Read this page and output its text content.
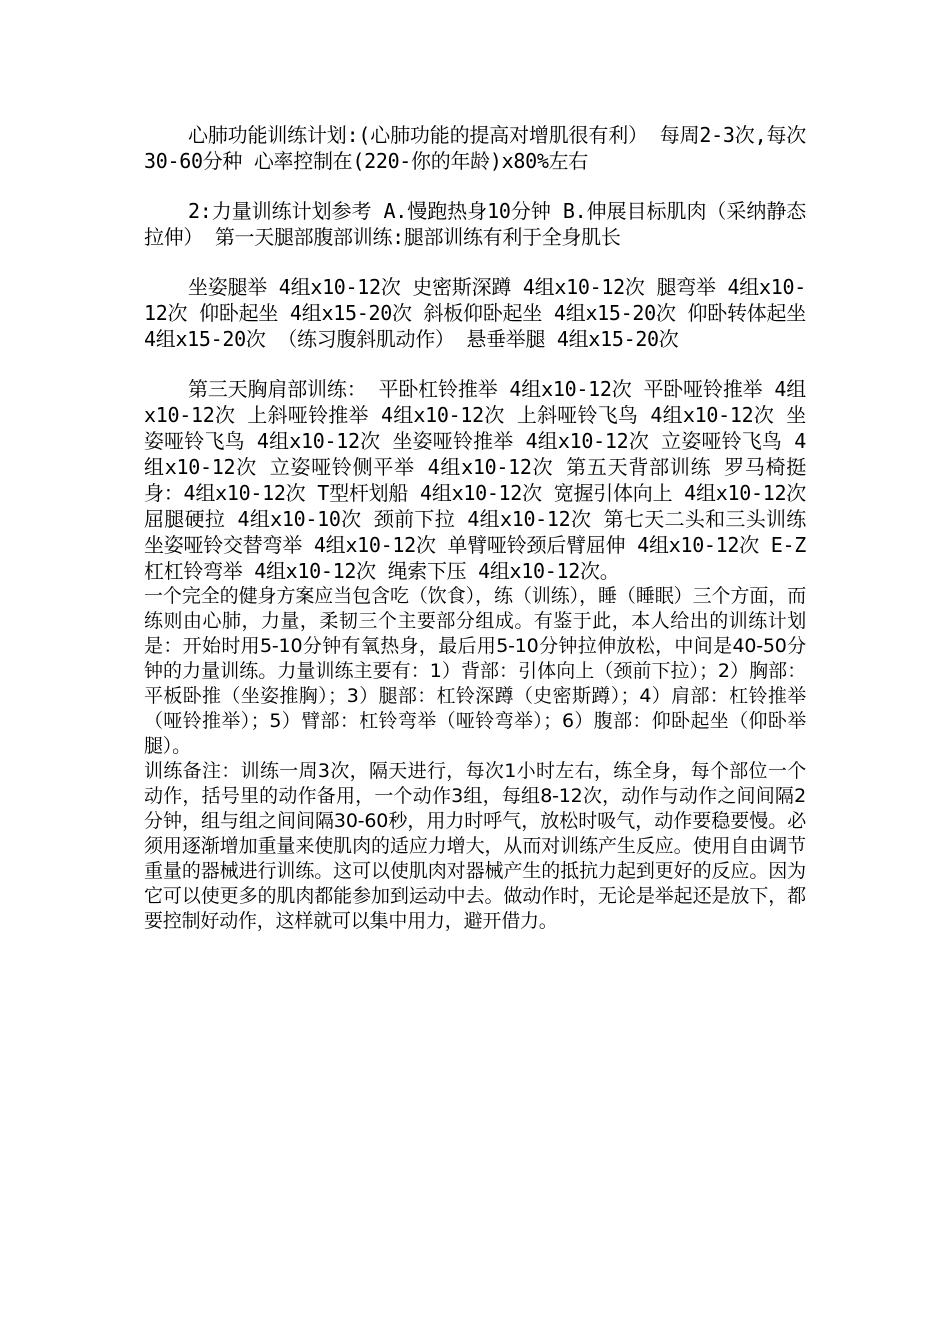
心肺功能训练计划:(心肺功能的提高对增肌很有利） 每周2-3次,每次30-60分种 心率控制在(220-你的年龄)x80%左右

2:力量训练计划参考 A.慢跑热身10分钟 B.伸展目标肌肉（采纳静态拉伸） 第一天腿部腹部训练:腿部训练有利于全身肌长

坐姿腿举 4组x10-12次 史密斯深蹲 4组x10-12次 腿弯举 4组x10-12次 仰卧起坐 4组x15-20次 斜板仰卧起坐 4组x15-20次 仰卧转体起坐 4组x15-20次 （练习腹斜肌动作） 悬垂举腿 4组x15-20次

第三天胸肩部训练： 平卧杠铃推举 4组x10-12次 平卧哑铃推举 4组x10-12次 上斜哑铃推举 4组x10-12次 上斜哑铃飞鸟 4组x10-12次 坐姿哑铃飞鸟 4组x10-12次 坐姿哑铃推举 4组x10-12次 立姿哑铃飞鸟 4组x10-12次 立姿哑铃侧平举 4组x10-12次 第五天背部训练 罗马椅挺身：4组x10-12次 T型杆划船 4组x10-12次 宽握引体向上 4组x10-12次 屈腿硬拉 4组x10-10次 颈前下拉 4组x10-12次 第七天二头和三头训练 坐姿哑铃交替弯举 4组x10-12次 单臂哑铃颈后臂屈伸 4组x10-12次 E-Z杠杠铃弯举 4组x10-12次 绳索下压 4组x10-12次。

一个完全的健身方案应当包含吃（饮食），练（训练），睡（睡眠）三个方面，而练则由心肺，力量，柔韧三个主要部分组成。有鉴于此，本人给出的训练计划是：开始时用5-10分钟有氧热身，最后用5-10分钟拉伸放松，中间是40-50分钟的力量训练。力量训练主要有：1）背部：引体向上（颈前下拉）；2）胸部：平板卧推（坐姿推胸）；3）腿部：杠铃深蹲（史密斯蹲）；4）肩部：杠铃推举（哑铃推举）；5）臂部：杠铃弯举（哑铃弯举）；6）腹部：仰卧起坐（仰卧举腿）。

训练备注：训练一周3次，隔天进行，每次1小时左右，练全身，每个部位一个动作，括号里的动作备用，一个动作3组，每组8-12次，动作与动作之间间隔2分钟，组与组之间间隔30-60秒，用力时呼气，放松时吸气，动作要稳要慢。必须用逐渐增加重量来使肌肉的适应力增大，从而对训练产生反应。使用自由调节重量的器械进行训练。这可以使肌肉对器械产生的抵抗力起到更好的反应。因为它可以使更多的肌肉都能参加到运动中去。做动作时，无论是举起还是放下，都要控制好动作，这样就可以集中用力，避开借力。
